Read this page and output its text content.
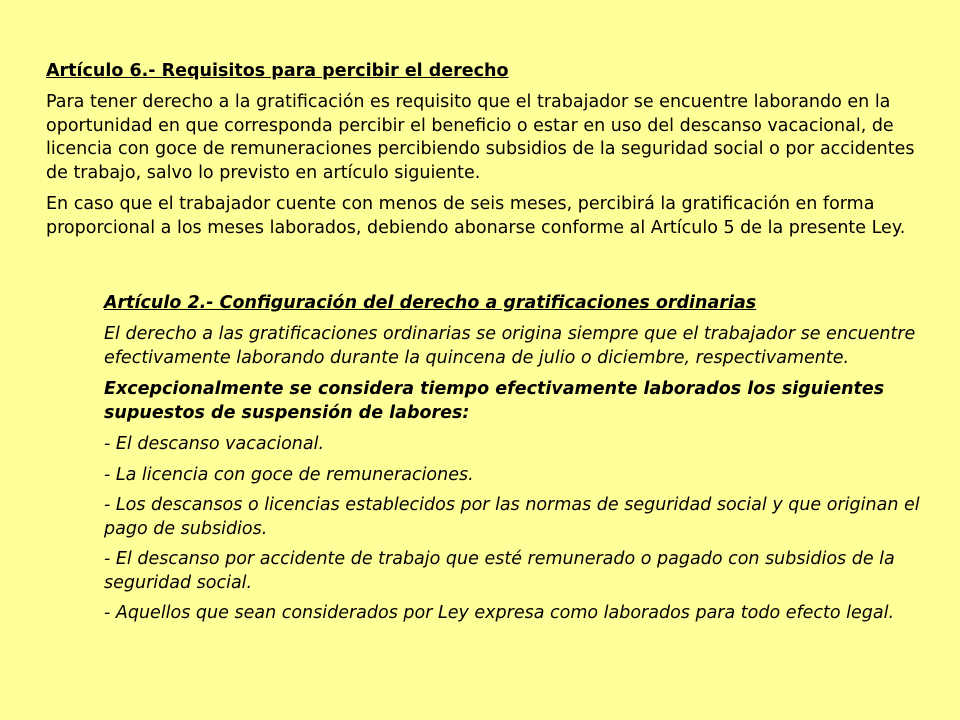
Artículo 6.- Requisitos para percibir el derecho

Para tener derecho a la gratificación es requisito que el trabajador se encuentre laborando en la oportunidad en que corresponda percibir el beneficio o estar en uso del descanso vacacional, de licencia con goce de remuneraciones percibiendo subsidios de la seguridad social o por accidentes de trabajo, salvo lo previsto en artículo siguiente.

En caso que el trabajador cuente con menos de seis meses, percibirá la gratificación en forma proporcional a los meses laborados, debiendo abonarse conforme al Artículo 5 de la presente Ley.

Artículo 2.- Configuración del derecho a gratificaciones ordinarias

El derecho a las gratificaciones ordinarias se origina siempre que el trabajador se encuentre efectivamente laborando durante la quincena de julio o diciembre, respectivamente.

Excepcionalmente se considera tiempo efectivamente laborados los siguientes supuestos de suspensión de labores:

- El descanso vacacional.

- La licencia con goce de remuneraciones.

- Los descansos o licencias establecidos por las normas de seguridad social y que originan el pago de subsidios.

- El descanso por accidente de trabajo que esté remunerado o pagado con subsidios de la seguridad social.

- Aquellos que sean considerados por Ley expresa como laborados para todo efecto legal.
